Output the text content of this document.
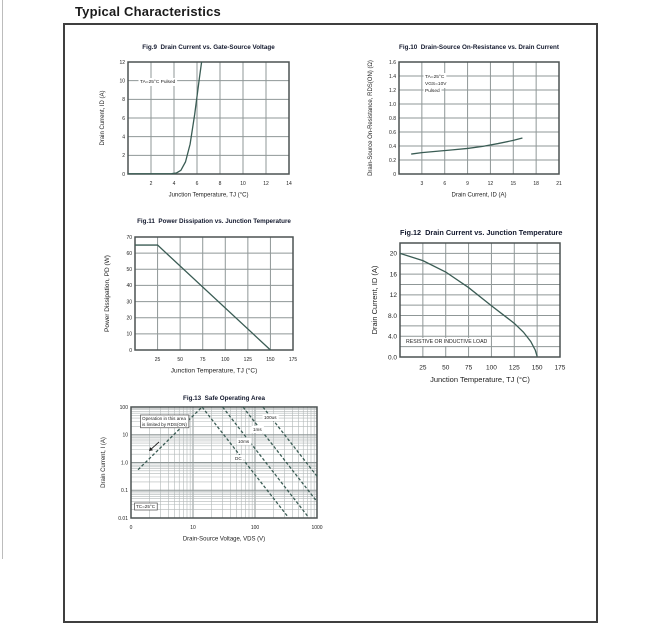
Typical Characteristics
Fig.9  Drain Current vs. Gate-Source Voltage
2	4	6	8	10	12	14
0
2
4
6
8
10
12
Junction Temperature, TJ (°C)
Drain Current, ID (A)
TA=25°C Pulsed
Fig.10  Drain-Source On-Resistance vs. Drain Current
3	6	9	12	15	18	21
0
0.2
0.4
0.6
0.8
1.0
1.2
1.4
1.6
Drain Current, ID (A)
Drain-Source On-Resistance, RDS(ON) (Ω)	TA=25°C
VGS=10V
Pulsed
Fig.11  Power Dissipation vs. Junction Temperature
25	50	75	100	125	150	175
0
10
20
30
40
50
60
70
Junction Temperature, TJ (°C)
Power Dissipation, PD (W)
Fig.12  Drain Current vs. Junction Temperature
25 50 75 100 125 150 175
0.0
4.0
8.0
12
16
20
Junction Temperature, TJ (°C)
Drain Current, ID (A)
RESISTIVE OR INDUCTIVE LOAD
Fig.13  Safe Operating Area
0	10	100	1000
0.01
0.1
1.0
10
100
Drain-Source Voltage, VDS (V)
Drain Current, I (A)
Operation in this area is limited by RDS(ON)
100us
1ms
10ms
DC
TC=25°C
